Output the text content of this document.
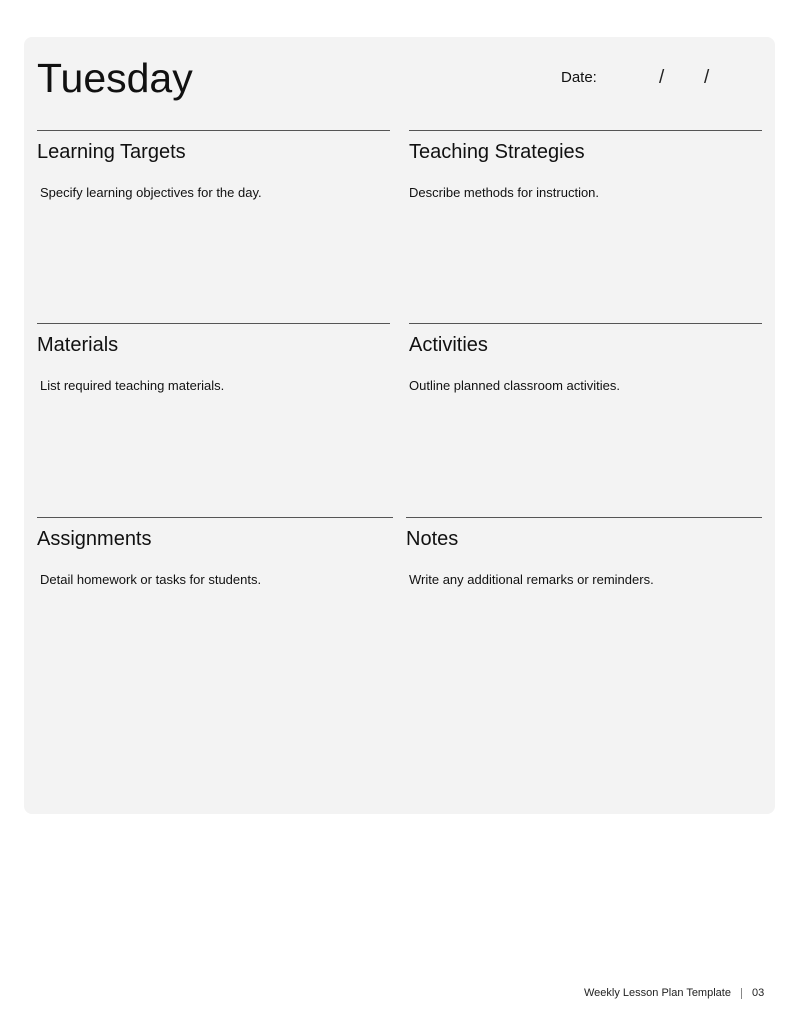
Tuesday	Date:	/ /
Learning Targets

Specify learning objectives for the day.

Teaching Strategies

Describe methods for instruction.

Materials

List required teaching materials.

Activities

Outline planned classroom activities.

Assignments

Detail homework or tasks for students.

Notes

Write any additional remarks or reminders.

Weekly Lesson Plan Template 03
